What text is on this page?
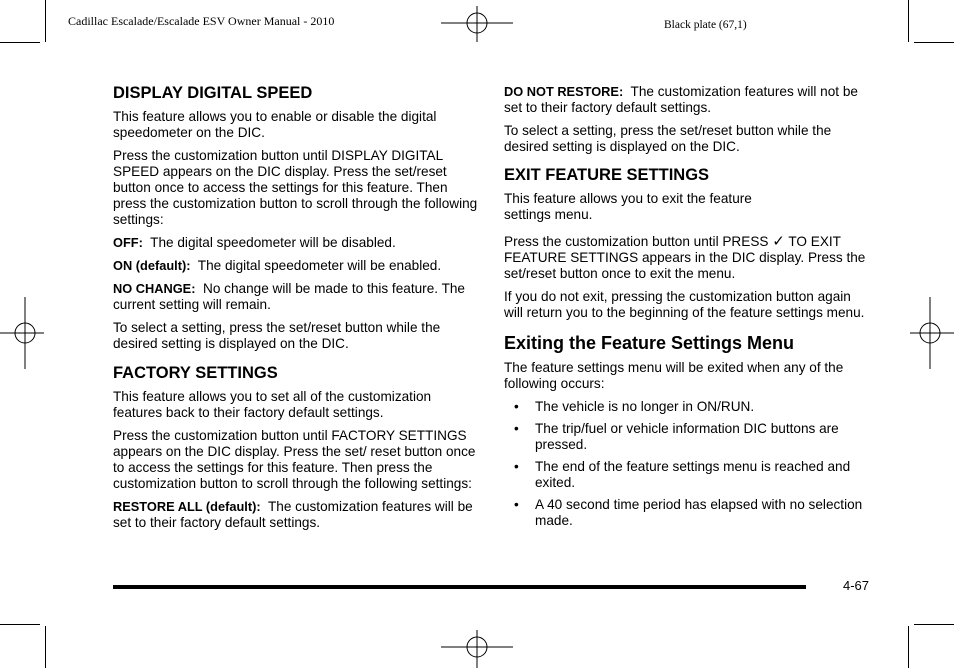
Cadillac Escalade/Escalade ESV Owner Manual - 2010	Black plate (67,1)
DISPLAY DIGITAL SPEED

This feature allows you to enable or disable the digital speedometer on the DIC.

Press the customization button until DISPLAY DIGITAL SPEED appears on the DIC display. Press the set/reset button once to access the settings for this feature. Then press the customization button to scroll through the following settings:

OFF: The digital speedometer will be disabled.

ON (default): The digital speedometer will be enabled.

NO CHANGE: No change will be made to this feature. The current setting will remain.

To select a setting, press the set/reset button while the desired setting is displayed on the DIC.

FACTORY SETTINGS

This feature allows you to set all of the customization features back to their factory default settings.

Press the customization button until FACTORY SETTINGS appears on the DIC display. Press the set/ reset button once to access the settings for this feature. Then press the customization button to scroll through the following settings:

RESTORE ALL (default): The customization features will be set to their factory default settings.

DO NOT RESTORE: The customization features will not be set to their factory default settings.

To select a setting, press the set/reset button while the desired setting is displayed on the DIC.

EXIT FEATURE SETTINGS

This feature allows you to exit the feature settings menu.

Press the customization button until PRESS ✓ TO EXIT FEATURE SETTINGS appears in the DIC display. Press the set/reset button once to exit the menu.

If you do not exit, pressing the customization button again will return you to the beginning of the feature settings menu.

Exiting the Feature Settings Menu

The feature settings menu will be exited when any of the following occurs:

• The vehicle is no longer in ON/RUN.
• The trip/fuel or vehicle information DIC buttons are pressed.
• The end of the feature settings menu is reached and exited.
• A 40 second time period has elapsed with no selection made.
4-67
